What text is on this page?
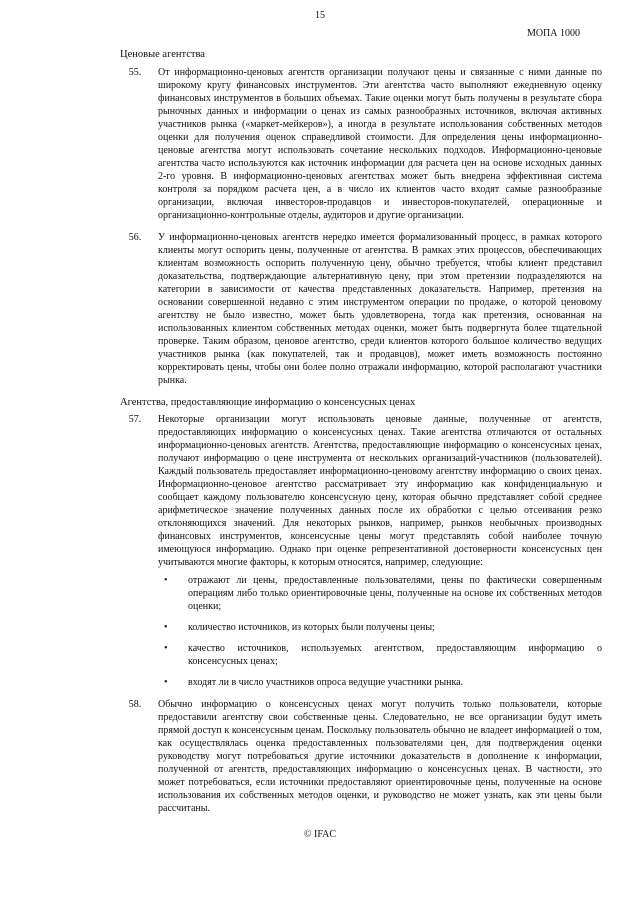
15
МОПА 1000
Ценовые агентства
55.	От информационно-ценовых агентств организации получают цены и связанные с ними данные по широкому кругу финансовых инструментов. Эти агентства часто выполняют ежедневную оценку финансовых инструментов в больших объемах. Такие оценки могут быть получены в результате сбора рыночных данных и информации о ценах из самых разнообразных источников, включая активных участников рынка («маркет-мейкеров»), а иногда в результате использования собственных методов оценки для получения оценок справедливой стоимости. Для определения цены информационно-ценовые агентства могут использовать сочетание нескольких подходов. Информационно-ценовые агентства часто используются как источник информации для расчета цен на основе исходных данных 2-го уровня. В информационно-ценовых агентствах может быть внедрена эффективная система контроля за порядком расчета цен, а в число их клиентов часто входят самые разнообразные организации, включая инвесторов-продавцов и инвесторов-покупателей, операционные и организационно-контрольные отделы, аудиторов и другие организации.

56.	У информационно-ценовых агентств нередко имеется формализованный процесс, в рамках которого клиенты могут оспорить цены, полученные от агентства. В рамках этих процессов, обеспечивающих клиентам возможность оспорить полученную цену, обычно требуется, чтобы клиент представил доказательства, подтверждающие альтернативную цену, при этом претензии подразделяются на категории в зависимости от качества представленных доказательств. Например, претензия на основании совершенной недавно с этим инструментом операции по продаже, о которой ценовому агентству не было известно, может быть удовлетворена, тогда как претензия, основанная на использованных клиентом собственных методах оценки, может быть подвергнута более тщательной проверке. Таким образом, ценовое агентство, среди клиентов которого большое количество ведущих участников рынка (как покупателей, так и продавцов), может иметь возможность постоянно корректировать цены, чтобы они более полно отражали информацию, которой располагают участники рынка.

Агентства, предоставляющие информацию о консенсусных ценах
57.	Некоторые организации могут использовать ценовые данные, полученные от агентств, предоставляющих информацию о консенсусных ценах. Такие агентства отличаются от остальных информационно-ценовых агентств. Агентства, предоставляющие информацию о консенсусных ценах, получают информацию о цене инструмента от нескольких организаций-участников (пользователей). Каждый пользователь предоставляет информационно-ценовому агентству информацию о своих ценах. Информационно-ценовое агентство рассматривает эту информацию как конфиденциальную и сообщает каждому пользователю консенсусную цену, которая обычно представляет собой среднее арифметическое значение полученных данных после их обработки с целью отсеивания резко отклоняющихся значений. Для некоторых рынков, например, рынков необычных производных финансовых инструментов, консенсусные цены могут представлять собой наиболее точную имеющуюся информацию. Однако при оценке репрезентативной достоверности консенсусных цен учитываются многие факторы, к которым относятся, например, следующие:

• отражают ли цены, предоставленные пользователями, цены по фактически совершенным операциям либо только ориентировочные цены, полученные на основе их собственных методов оценки;
• количество источников, из которых были получены цены;
• качество источников, используемых агентством, предоставляющим информацию о консенсусных ценах;
• входят ли в число участников опроса ведущие участники рынка.
58.	Обычно информацию о консенсусных ценах могут получить только пользователи, которые предоставили агентству свои собственные цены. Следовательно, не все организации будут иметь прямой доступ к консенсусным ценам. Поскольку пользователь обычно не владеет информацией о том, как осуществлялась оценка предоставленных пользователями цен, для подтверждения оценки руководству могут потребоваться другие источники доказательств в дополнение к информации, полученной от агентств, предоставляющих информацию о консенсусных ценах. В частности, это может потребоваться, если источники предоставляют ориентировочные цены, полученные на основе использования их собственных методов оценки, и руководство не может узнать, как эти цены были рассчитаны.

© IFAC
